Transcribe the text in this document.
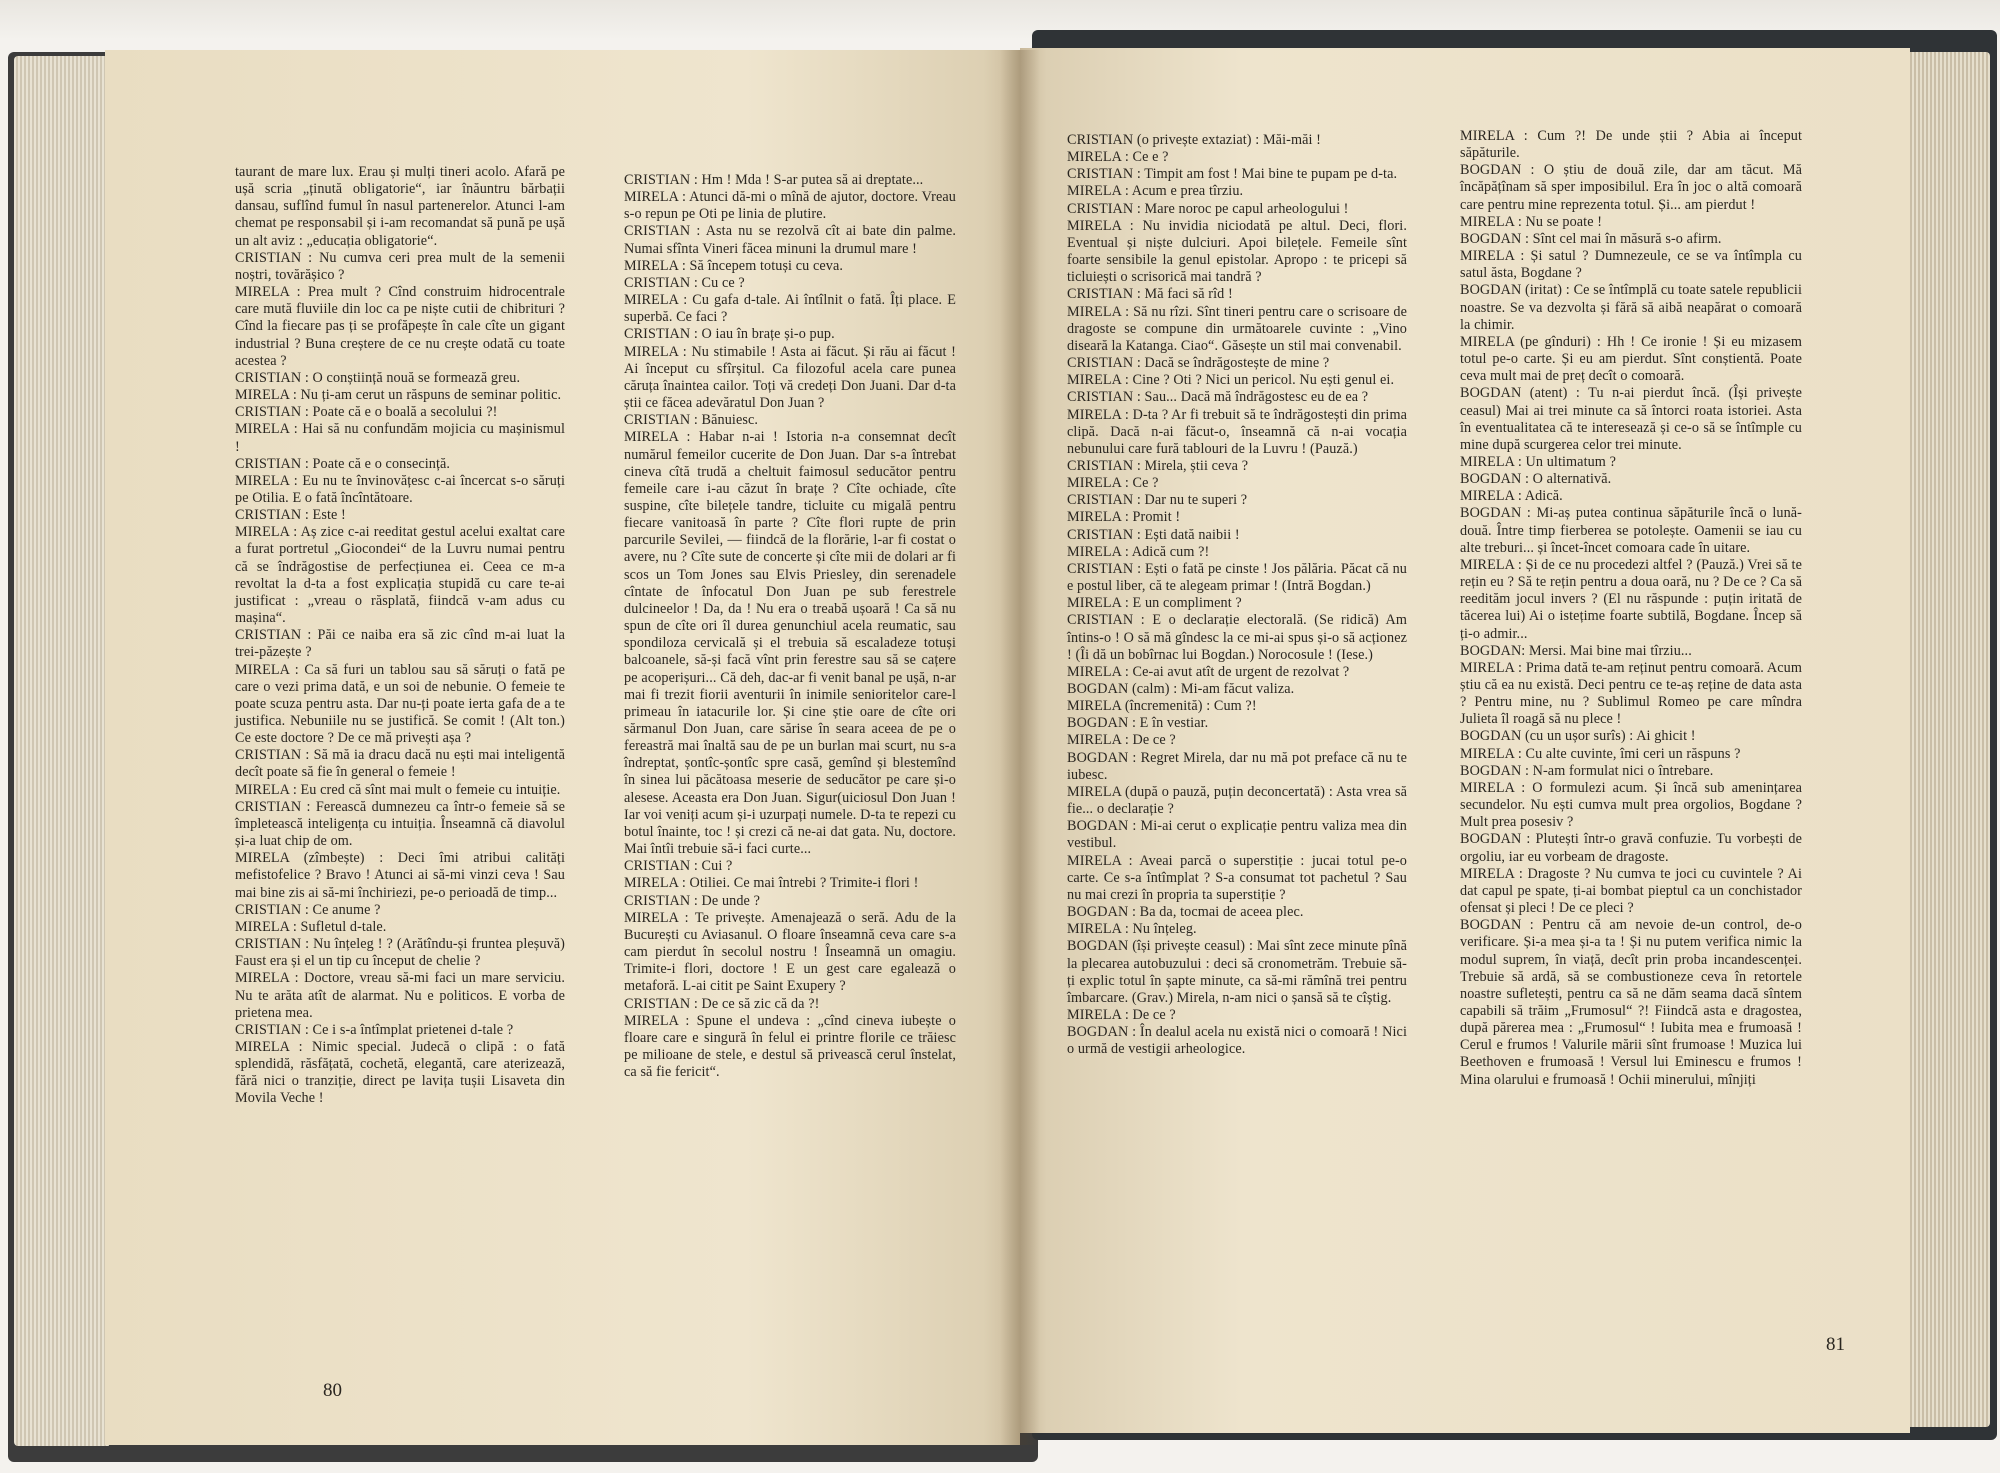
taurant de mare lux. Erau și mulți tineri acolo. Afară pe ușă scria „ținută obligatorie“, iar înăuntru bărbații dansau, suflînd fumul în nasul partenerelor. Atunci l-am chemat pe responsabil și i-am recomandat să pună pe ușă un alt aviz : „educația obligatorie“.

CRISTIAN : Nu cumva ceri prea mult de la semenii noștri, tovărășico ?

MIRELA : Prea mult ? Cînd construim hidrocentrale care mută fluviile din loc ca pe niște cutii de chibrituri ? Cînd la fiecare pas ți se profăpește în cale cîte un gigant industrial ? Buna creștere de ce nu crește odată cu toate acestea ?

CRISTIAN : O conștiință nouă se formează greu.

MIRELA : Nu ți-am cerut un răspuns de seminar politic.

CRISTIAN : Poate că e o boală a secolului ?!

MIRELA : Hai să nu confundăm mojicia cu mașinismul !

CRISTIAN : Poate că e o consecință.

MIRELA : Eu nu te învinovățesc c-ai încercat s-o săruți pe Otilia. E o fată încîntătoare.

CRISTIAN : Este !

MIRELA : Aș zice c-ai reeditat gestul acelui exaltat care a furat portretul „Giocondei“ de la Luvru numai pentru că se îndrăgostise de perfecțiunea ei. Ceea ce m-a revoltat la d-ta a fost explicația stupidă cu care te-ai justificat : „vreau o răsplată, fiindcă v-am adus cu mașina“.

CRISTIAN : Păi ce naiba era să zic cînd m-ai luat la trei-păzește ?

MIRELA : Ca să furi un tablou sau să săruți o fată pe care o vezi prima dată, e un soi de nebunie. O femeie te poate scuza pentru asta. Dar nu-ți poate ierta gafa de a te justifica. Nebuniile nu se justifică. Se comit ! (Alt ton.) Ce este doctore ? De ce mă privești așa ?

CRISTIAN : Să mă ia dracu dacă nu ești mai inteligentă decît poate să fie în general o femeie !

MIRELA : Eu cred că sînt mai mult o femeie cu intuiție.

CRISTIAN : Ferească dumnezeu ca într-o femeie să se împletească inteligența cu intuiția. Înseamnă că diavolul și-a luat chip de om.

MIRELA (zîmbește) : Deci îmi atribui calități mefistofelice ? Bravo ! Atunci ai să-mi vinzi ceva ! Sau mai bine zis ai să-mi închiriezi, pe-o perioadă de timp...

CRISTIAN : Ce anume ?

MIRELA : Sufletul d-tale.

CRISTIAN : Nu înțeleg ! ? (Arătîndu-și fruntea pleșuvă) Faust era și el un tip cu început de chelie ?

MIRELA : Doctore, vreau să-mi faci un mare serviciu. Nu te arăta atît de alarmat. Nu e politicos. E vorba de prietena mea.

CRISTIAN : Ce i s-a întîmplat prietenei d-tale ?

MIRELA : Nimic special. Judecă o clipă : o fată splendidă, răsfățată, cochetă, elegantă, care aterizează, fără nici o tranziție, direct pe lavița tușii Lisaveta din Movila Veche !

CRISTIAN : Hm ! Mda ! S-ar putea să ai dreptate...

MIRELA : Atunci dă-mi o mînă de ajutor, doctore. Vreau s-o repun pe Oti pe linia de plutire.

CRISTIAN : Asta nu se rezolvă cît ai bate din palme. Numai sfînta Vineri făcea minuni la drumul mare !

MIRELA : Să începem totuși cu ceva.

CRISTIAN : Cu ce ?

MIRELA : Cu gafa d-tale. Ai întîlnit o fată. Îți place. E superbă. Ce faci ?

CRISTIAN : O iau în brațe și-o pup.

MIRELA : Nu stimabile ! Asta ai făcut. Și rău ai făcut ! Ai început cu sfîrșitul. Ca filozoful acela care punea căruța înaintea cailor. Toți vă credeți Don Juani. Dar d-ta știi ce făcea adevăratul Don Juan ?

CRISTIAN : Bănuiesc.

MIRELA : Habar n-ai ! Istoria n-a consemnat decît numărul femeilor cucerite de Don Juan. Dar s-a întrebat cineva cîtă trudă a cheltuit faimosul seducător pentru femeile care i-au căzut în brațe ? Cîte ochiade, cîte suspine, cîte bilețele tandre, ticluite cu migală pentru fiecare vanitoasă în parte ? Cîte flori rupte de prin parcurile Sevilei, — fiindcă de la florărie, l-ar fi costat o avere, nu ? Cîte sute de concerte și cîte mii de dolari ar fi scos un Tom Jones sau Elvis Priesley, din serenadele cîntate de înfocatul Don Juan pe sub ferestrele dulcineelor ! Da, da ! Nu era o treabă ușoară ! Ca să nu spun de cîte ori îl durea genunchiul acela reumatic, sau spondiloza cervicală și el trebuia să escaladeze totuși balcoanele, să-și facă vînt prin ferestre sau să se cațere pe acoperișuri... Că deh, dac-ar fi venit banal pe ușă, n-ar mai fi trezit fiorii aventurii în inimile senioritelor care-l primeau în iatacurile lor. Și cine știe oare de cîte ori sărmanul Don Juan, care sărise în seara aceea de pe o fereastră mai înaltă sau de pe un burlan mai scurt, nu s-a îndreptat, șontîc-șontîc spre casă, gemînd și blestemînd în sinea lui păcătoasa meserie de seducător pe care și-o alesese. Aceasta era Don Juan. Sigur(uiciosul Don Juan ! Iar voi veniți acum și-i uzurpați numele. D-ta te repezi cu botul înainte, toc ! și crezi că ne-ai dat gata. Nu, doctore. Mai întîi trebuie să-i faci curte...

CRISTIAN : Cui ?

MIRELA : Otiliei. Ce mai întrebi ? Trimite-i flori !

CRISTIAN : De unde ?

MIRELA : Te privește. Amenajează o seră. Adu de la București cu Aviasanul. O floare înseamnă ceva care s-a cam pierdut în secolul nostru ! Înseamnă un omagiu. Trimite-i flori, doctore ! E un gest care egalează o metaforă. L-ai citit pe Saint Exupery ?

CRISTIAN : De ce să zic că da ?!

MIRELA : Spune el undeva : „cînd cineva iubește o floare care e singură în felul ei printre florile ce trăiesc pe milioane de stele, e destul să privească cerul înstelat, ca să fie fericit“.

80

CRISTIAN (o privește extaziat) : Măi-măi !

MIRELA : Ce e ?

CRISTIAN : Timpit am fost ! Mai bine te pupam pe d-ta.

MIRELA : Acum e prea tîrziu.

CRISTIAN : Mare noroc pe capul arheologului !

MIRELA : Nu invidia niciodată pe altul. Deci, flori. Eventual și niște dulciuri. Apoi bilețele. Femeile sînt foarte sensibile la genul epistolar. Apropo : te pricepi să ticluiești o scrisorică mai tandră ?

CRISTIAN : Mă faci să rîd !

MIRELA : Să nu rîzi. Sînt tineri pentru care o scrisoare de dragoste se compune din următoarele cuvinte : „Vino diseară la Katanga. Ciao“. Găsește un stil mai convenabil.

CRISTIAN : Dacă se îndrăgostește de mine ?

MIRELA : Cine ? Oti ? Nici un pericol. Nu ești genul ei.

CRISTIAN : Sau... Dacă mă îndrăgostesc eu de ea ?

MIRELA : D-ta ? Ar fi trebuit să te îndrăgostești din prima clipă. Dacă n-ai făcut-o, înseamnă că n-ai vocația nebunului care fură tablouri de la Luvru ! (Pauză.)

CRISTIAN : Mirela, știi ceva ?

MIRELA : Ce ?

CRISTIAN : Dar nu te superi ?

MIRELA : Promit !

CRISTIAN : Ești dată naibii !

MIRELA : Adică cum ?!

CRISTIAN : Ești o fată pe cinste ! Jos pălăria. Păcat că nu e postul liber, că te alegeam primar ! (Intră Bogdan.)

MIRELA : E un compliment ?

CRISTIAN : E o declarație electorală. (Se ridică) Am întins-o ! O să mă gîndesc la ce mi-ai spus și-o să acționez ! (Îi dă un bobîrnac lui Bogdan.) Norocosule ! (Iese.)

MIRELA : Ce-ai avut atît de urgent de rezolvat ?

BOGDAN (calm) : Mi-am făcut valiza.

MIRELA (încremenită) : Cum ?!

BOGDAN : E în vestiar.

MIRELA : De ce ?

BOGDAN : Regret Mirela, dar nu mă pot preface că nu te iubesc.

MIRELA (după o pauză, puțin deconcertată) : Asta vrea să fie... o declarație ?

BOGDAN : Mi-ai cerut o explicație pentru valiza mea din vestibul.

MIRELA : Aveai parcă o superstiție : jucai totul pe-o carte. Ce s-a întîmplat ? S-a consumat tot pachetul ? Sau nu mai crezi în propria ta superstiție ?

BOGDAN : Ba da, tocmai de aceea plec.

MIRELA : Nu înțeleg.

BOGDAN (își privește ceasul) : Mai sînt zece minute pînă la plecarea autobuzului : deci să cronometrăm. Trebuie să-ți explic totul în șapte minute, ca să-mi rămînă trei pentru îmbarcare. (Grav.) Mirela, n-am nici o șansă să te cîștig.

MIRELA : De ce ?

BOGDAN : În dealul acela nu există nici o comoară ! Nici o urmă de vestigii arheologice.

MIRELA : Cum ?! De unde știi ? Abia ai început săpăturile.

BOGDAN : O știu de două zile, dar am tăcut. Mă încăpățînam să sper imposibilul. Era în joc o altă comoară care pentru mine reprezenta totul. Și... am pierdut !

MIRELA : Nu se poate !

BOGDAN : Sînt cel mai în măsură s-o afirm.

MIRELA : Și satul ? Dumnezeule, ce se va întîmpla cu satul ăsta, Bogdane ?

BOGDAN (iritat) : Ce se întîmplă cu toate satele republicii noastre. Se va dezvolta și fără să aibă neapărat o comoară la chimir.

MIRELA (pe gînduri) : Hh ! Ce ironie ! Și eu mizasem totul pe-o carte. Și eu am pierdut. Sînt conștientă. Poate ceva mult mai de preț decît o comoară.

BOGDAN (atent) : Tu n-ai pierdut încă. (Își privește ceasul) Mai ai trei minute ca să întorci roata istoriei. Asta în eventualitatea că te interesează și ce-o să se întîmple cu mine după scurgerea celor trei minute.

MIRELA : Un ultimatum ?

BOGDAN : O alternativă.

MIRELA : Adică.

BOGDAN : Mi-aș putea continua săpăturile încă o lună-două. Între timp fierberea se potolește. Oamenii se iau cu alte treburi... și încet-încet comoara cade în uitare.

MIRELA : Și de ce nu procedezi altfel ? (Pauză.) Vrei să te rețin eu ? Să te rețin pentru a doua oară, nu ? De ce ? Ca să reedităm jocul invers ? (El nu răspunde : puțin iritată de tăcerea lui) Ai o istețime foarte subtilă, Bogdane. Încep să ți-o admir...

BOGDAN: Mersi. Mai bine mai tîrziu...

MIRELA : Prima dată te-am reținut pentru comoară. Acum știu că ea nu există. Deci pentru ce te-aș reține de data asta ? Pentru mine, nu ? Sublimul Romeo pe care mîndra Julieta îl roagă să nu plece !

BOGDAN (cu un ușor surîs) : Ai ghicit !

MIRELA : Cu alte cuvinte, îmi ceri un răspuns ?

BOGDAN : N-am formulat nici o întrebare.

MIRELA : O formulezi acum. Și încă sub amenințarea secundelor. Nu ești cumva mult prea orgolios, Bogdane ? Mult prea posesiv ?

BOGDAN : Plutești într-o gravă confuzie. Tu vorbești de orgoliu, iar eu vorbeam de dragoste.

MIRELA : Dragoste ? Nu cumva te joci cu cuvintele ? Ai dat capul pe spate, ți-ai bombat pieptul ca un conchistador ofensat și pleci ! De ce pleci ?

BOGDAN : Pentru că am nevoie de-un control, de-o verificare. Și-a mea și-a ta ! Și nu putem verifica nimic la modul suprem, în viață, decît prin proba incandescenței. Trebuie să ardă, să se combustioneze ceva în retortele noastre sufletești, pentru ca să ne dăm seama dacă sîntem capabili să trăim „Frumosul“ ?! Fiindcă asta e dragostea, după părerea mea : „Frumosul“ ! Iubita mea e frumoasă ! Cerul e frumos ! Valurile mării sînt frumoase ! Muzica lui Beethoven e frumoasă ! Versul lui Eminescu e frumos ! Mina olarului e frumoasă ! Ochii minerului, mînjiți

81
